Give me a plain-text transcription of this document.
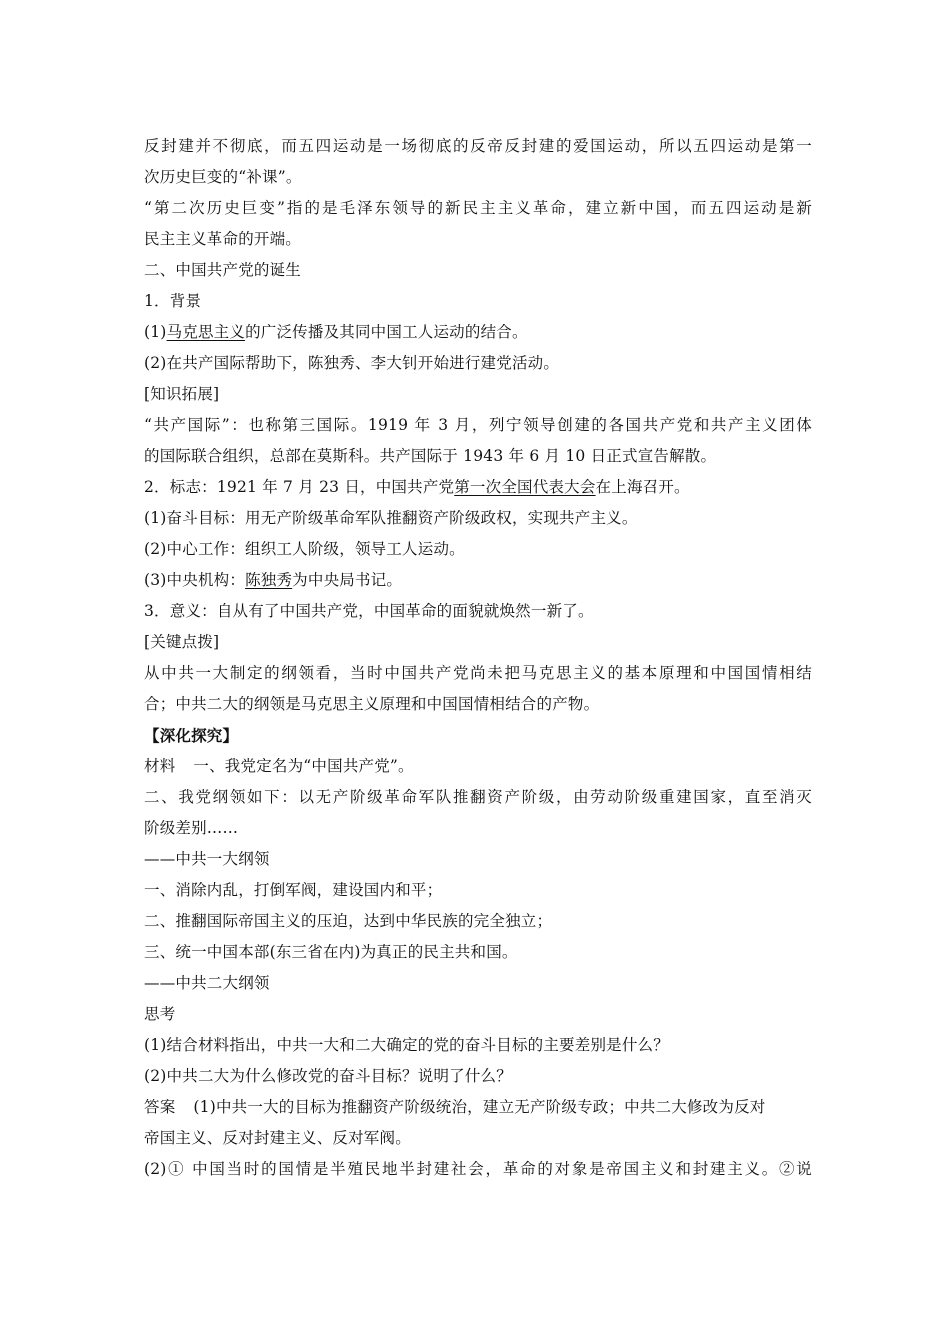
反封建并不彻底，而五四运动是一场彻底的反帝反封建的爱国运动，所以五四运动是第一
次历史巨变的“补课”。
“第二次历史巨变”指的是毛泽东领导的新民主主义革命，建立新中国，而五四运动是新
民主主义革命的开端。
二、中国共产党的诞生
1．背景
(1)马克思主义的广泛传播及其同中国工人运动的结合。
(2)在共产国际帮助下，陈独秀、李大钊开始进行建党活动。
[知识拓展]
“共产国际”：也称第三国际。1919 年 3 月，列宁领导创建的各国共产党和共产主义团体
的国际联合组织，总部在莫斯科。共产国际于 1943 年 6 月 10 日正式宣告解散。
2．标志：1921 年 7 月 23 日，中国共产党第一次全国代表大会在上海召开。
(1)奋斗目标：用无产阶级革命军队推翻资产阶级政权，实现共产主义。
(2)中心工作：组织工人阶级，领导工人运动。
(3)中央机构：陈独秀为中央局书记。
3．意义：自从有了中国共产党，中国革命的面貌就焕然一新了。
[关键点拨]
从中共一大制定的纲领看，当时中国共产党尚未把马克思主义的基本原理和中国国情相结
合；中共二大的纲领是马克思主义原理和中国国情相结合的产物。
【深化探究】
材料 一、我党定名为“中国共产党”。
二、我党纲领如下：以无产阶级革命军队推翻资产阶级，由劳动阶级重建国家，直至消灭
阶级差别……
——中共一大纲领
一、消除内乱，打倒军阀，建设国内和平；
二、推翻国际帝国主义的压迫，达到中华民族的完全独立；
三、统一中国本部(东三省在内)为真正的民主共和国。
——中共二大纲领
思考
(1)结合材料指出，中共一大和二大确定的党的奋斗目标的主要差别是什么？
(2)中共二大为什么修改党的奋斗目标？说明了什么？
答案 (1)中共一大的目标为推翻资产阶级统治，建立无产阶级专政；中共二大修改为反对
帝国主义、反对封建主义、反对军阀。
(2)① 中国当时的国情是半殖民地半封建社会，革命的对象是帝国主义和封建主义。②说
